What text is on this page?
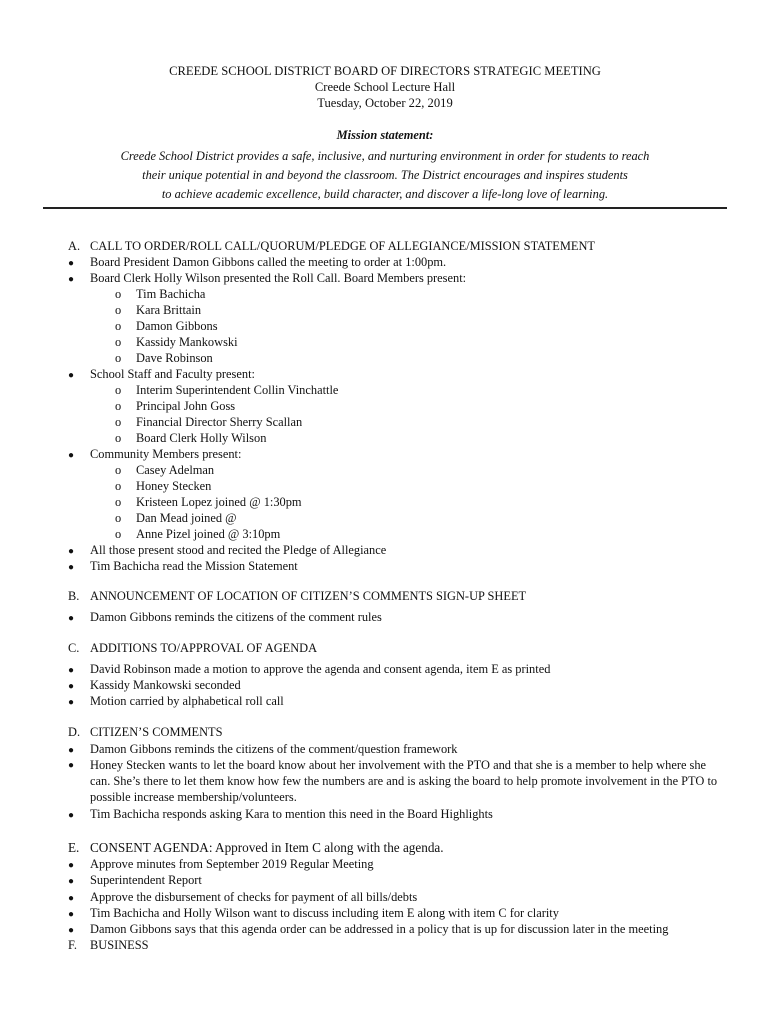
CREEDE SCHOOL DISTRICT BOARD OF DIRECTORS STRATEGIC MEETING
Creede School Lecture Hall
Tuesday, October 22, 2019
Mission statement:
Creede School District provides a safe, inclusive, and nurturing environment in order for students to reach
their unique potential in and beyond the classroom. The District encourages and inspires students
to achieve academic excellence, build character, and discover a life-long love of learning.
A. CALL TO ORDER/ROLL CALL/QUORUM/PLEDGE OF ALLEGIANCE/MISSION STATEMENT
● Board President Damon Gibbons called the meeting to order at 1:00pm.
● Board Clerk Holly Wilson presented the Roll Call. Board Members present:
o Tim Bachicha
o Kara Brittain
o Damon Gibbons
o Kassidy Mankowski
o Dave Robinson
● School Staff and Faculty present:
o Interim Superintendent Collin Vinchattle
o Principal John Goss
o Financial Director Sherry Scallan
o Board Clerk Holly Wilson
● Community Members present:
o Casey Adelman
o Honey Stecken
o Kristeen Lopez joined @ 1:30pm
o Dan Mead joined @
o Anne Pizel joined @ 3:10pm
● All those present stood and recited the Pledge of Allegiance
● Tim Bachicha read the Mission Statement
B. ANNOUNCEMENT OF LOCATION OF CITIZEN’S COMMENTS SIGN-UP SHEET
● Damon Gibbons reminds the citizens of the comment rules
C. ADDITIONS TO/APPROVAL OF AGENDA
● David Robinson made a motion to approve the agenda and consent agenda, item E as printed
● Kassidy Mankowski seconded
● Motion carried by alphabetical roll call
D. CITIZEN’S COMMENTS
● Damon Gibbons reminds the citizens of the comment/question framework
● Honey Stecken wants to let the board know about her involvement with the PTO and that she is a member to help where she can. She’s there to let them know how few the numbers are and is asking the board to help promote involvement in the PTO to possible increase membership/volunteers.
● Tim Bachicha responds asking Kara to mention this need in the Board Highlights
E. CONSENT AGENDA: Approved in Item C along with the agenda.
● Approve minutes from September 2019 Regular Meeting
● Superintendent Report
● Approve the disbursement of checks for payment of all bills/debts
● Tim Bachicha and Holly Wilson want to discuss including item E along with item C for clarity
● Damon Gibbons says that this agenda order can be addressed in a policy that is up for discussion later in the meeting
F. BUSINESS
